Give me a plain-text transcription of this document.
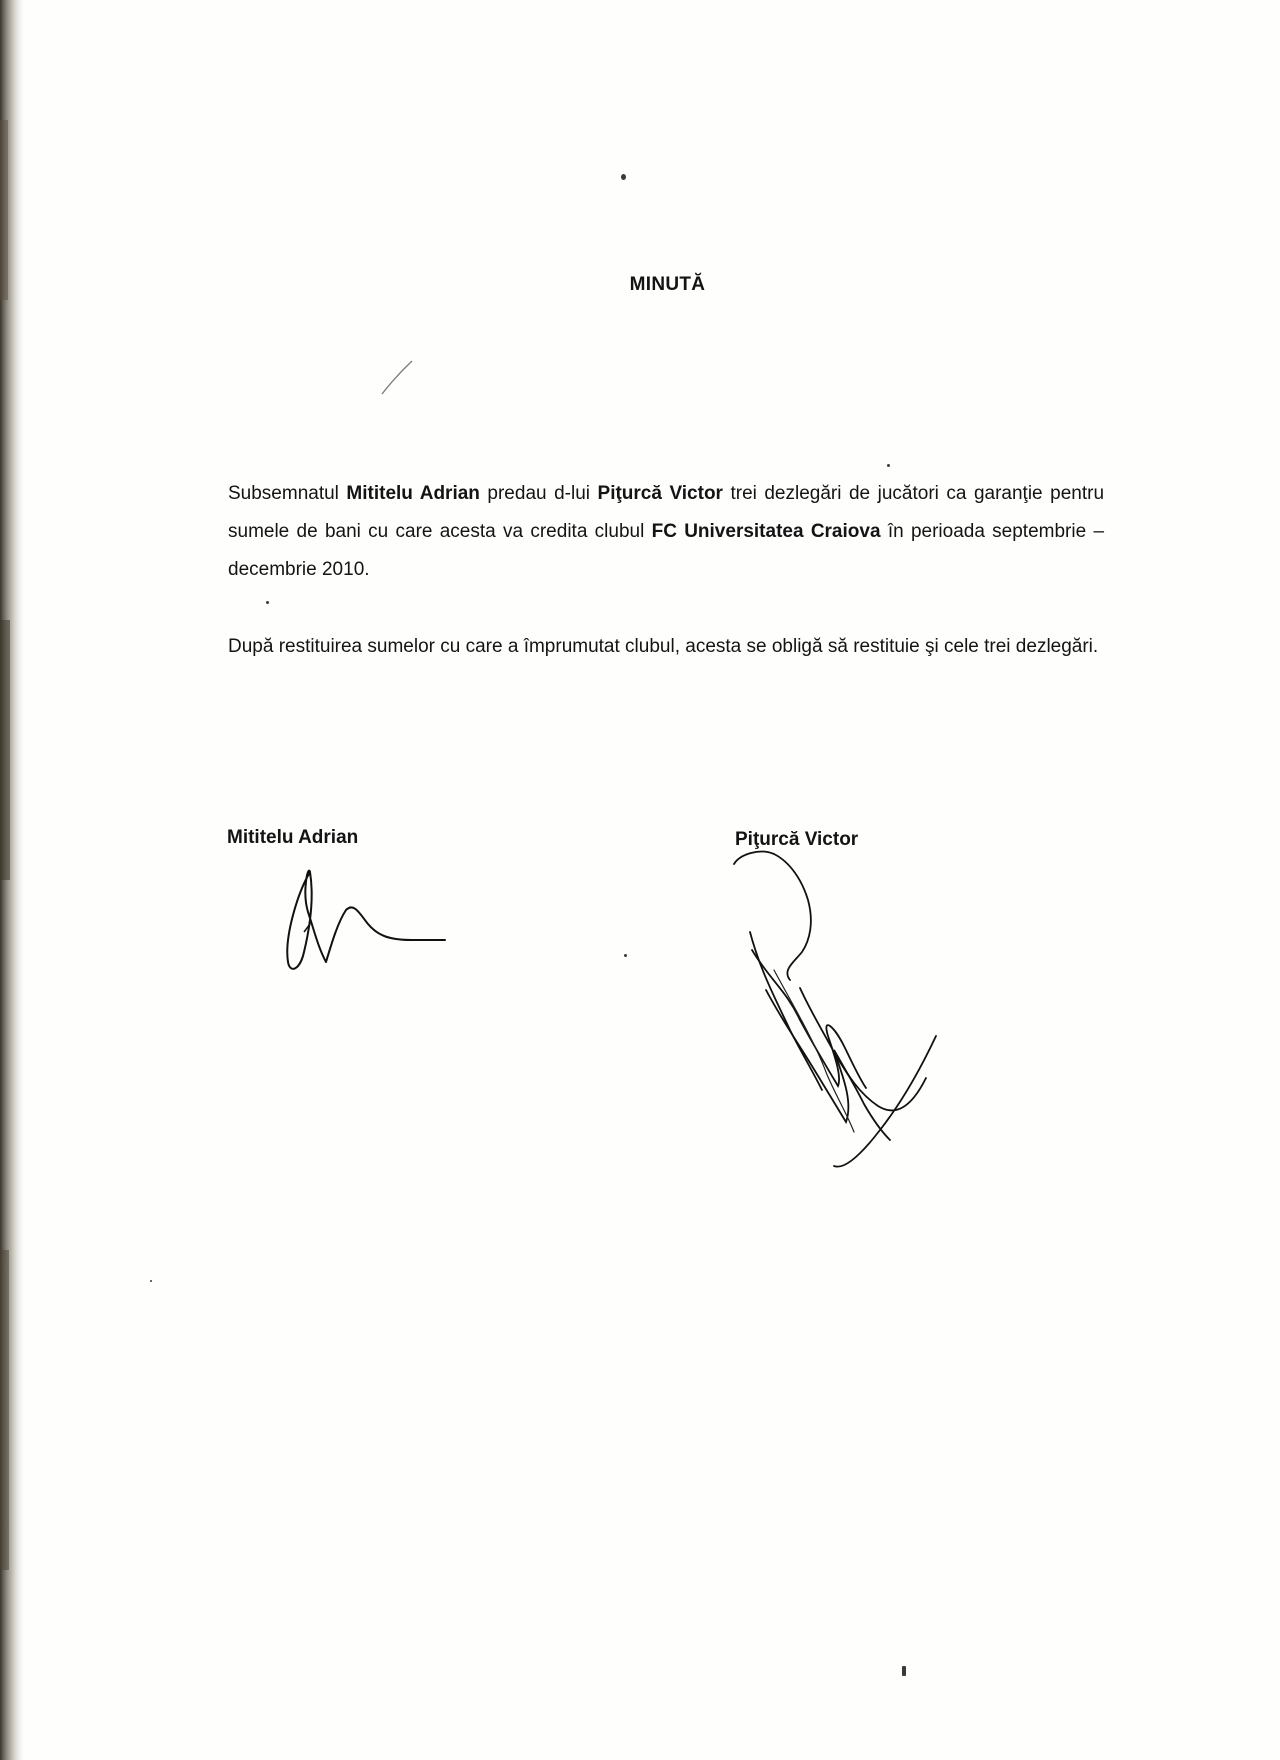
MINUTĂ

Subsemnatul Mititelu Adrian predau d-lui Piţurcă Victor trei dezlegări de jucători ca garanţie pentru sumele de bani cu care acesta va credita clubul FC Universitatea Craiova în perioada septembrie – decembrie 2010.

După restituirea sumelor cu care a împrumutat clubul, acesta se obligă să restituie şi cele trei dezlegări.

Mititelu Adrian	Piţurcă Victor
